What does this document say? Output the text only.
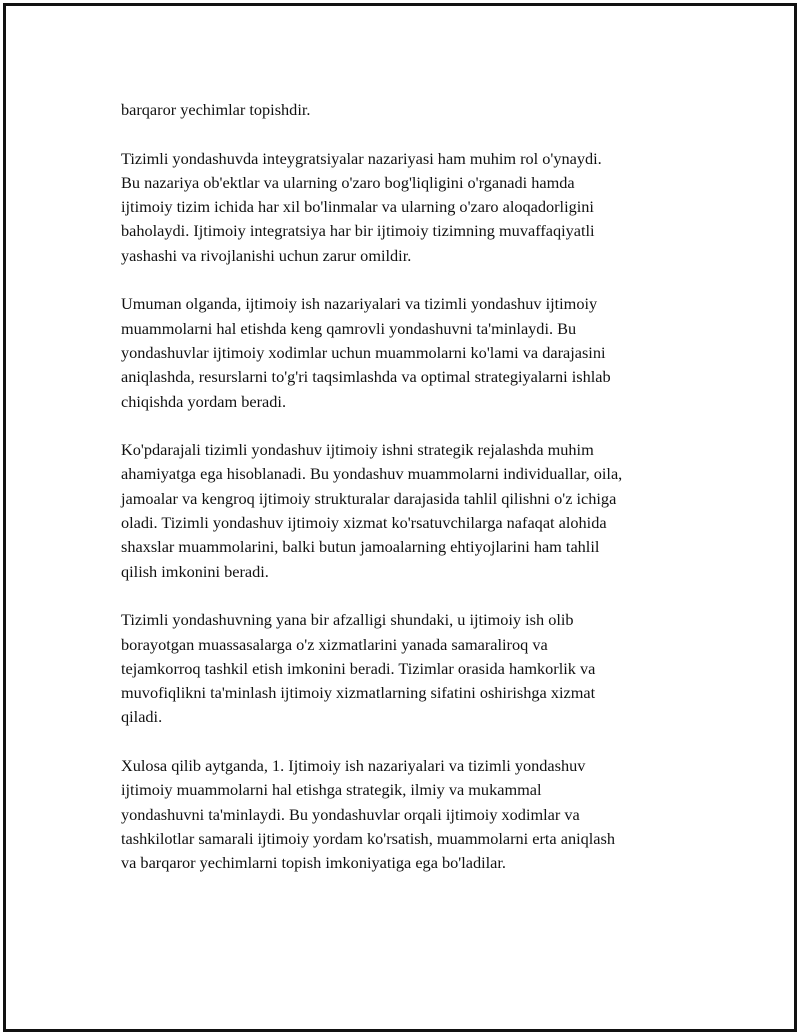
barqaror yechimlar topishdir.

Tizimli yondashuvda inteygratsiyalar nazariyasi ham muhim rol o'ynaydi.
Bu nazariya ob'ektlar va ularning o'zaro bog'liqligini o'rganadi hamda
ijtimoiy tizim ichida har xil bo'linmalar va ularning o'zaro aloqadorligini
baholaydi. Ijtimoiy integratsiya har bir ijtimoiy tizimning muvaffaqiyatli
yashashi va rivojlanishi uchun zarur omildir.

Umuman olganda, ijtimoiy ish nazariyalari va tizimli yondashuv ijtimoiy
muammolarni hal etishda keng qamrovli yondashuvni ta'minlaydi. Bu
yondashuvlar ijtimoiy xodimlar uchun muammolarni ko'lami va darajasini
aniqlashda, resurslarni to'g'ri taqsimlashda va optimal strategiyalarni ishlab
chiqishda yordam beradi.

Ko'pdarajali tizimli yondashuv ijtimoiy ishni strategik rejalashda muhim
ahamiyatga ega hisoblanadi. Bu yondashuv muammolarni individuallar, oila,
jamoalar va kengroq ijtimoiy strukturalar darajasida tahlil qilishni o'z ichiga
oladi. Tizimli yondashuv ijtimoiy xizmat ko'rsatuvchilarga nafaqat alohida
shaxslar muammolarini, balki butun jamoalarning ehtiyojlarini ham tahlil
qilish imkonini beradi.

Tizimli yondashuvning yana bir afzalligi shundaki, u ijtimoiy ish olib
borayotgan muassasalarga o'z xizmatlarini yanada samaraliroq va
tejamkorroq tashkil etish imkonini beradi. Tizimlar orasida hamkorlik va
muvofiqlikni ta'minlash ijtimoiy xizmatlarning sifatini oshirishga xizmat
qiladi.

Xulosa qilib aytganda, 1. Ijtimoiy ish nazariyalari va tizimli yondashuv
ijtimoiy muammolarni hal etishga strategik, ilmiy va mukammal
yondashuvni ta'minlaydi. Bu yondashuvlar orqali ijtimoiy xodimlar va
tashkilotlar samarali ijtimoiy yordam ko'rsatish, muammolarni erta aniqlash
va barqaror yechimlarni topish imkoniyatiga ega bo'ladilar.
